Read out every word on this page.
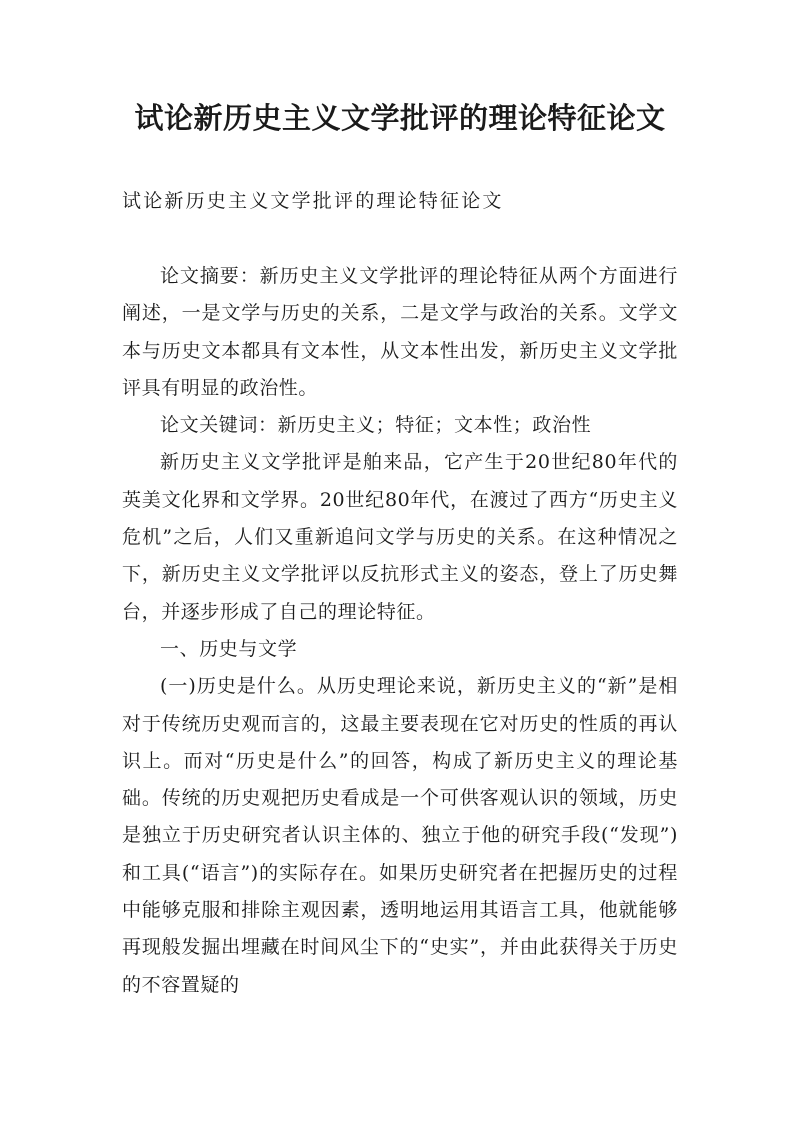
试论新历史主义文学批评的理论特征论文

试论新历史主义文学批评的理论特征论文

论文摘要：新历史主义文学批评的理论特征从两个方面进行阐述，一是文学与历史的关系，二是文学与政治的关系。文学文本与历史文本都具有文本性，从文本性出发，新历史主义文学批评具有明显的政治性。

论文关键词：新历史主义；特征；文本性；政治性

新历史主义文学批评是舶来品，它产生于20世纪80年代的英美文化界和文学界。20世纪80年代，在渡过了西方“历史主义危机”之后，人们又重新追问文学与历史的关系。在这种情况之下，新历史主义文学批评以反抗形式主义的姿态，登上了历史舞台，并逐步形成了自己的理论特征。

一、历史与文学

(一)历史是什么。从历史理论来说，新历史主义的“新”是相对于传统历史观而言的，这最主要表现在它对历史的性质的再认识上。而对“历史是什么”的回答，构成了新历史主义的理论基础。传统的历史观把历史看成是一个可供客观认识的领域，历史是独立于历史研究者认识主体的、独立于他的研究手段(“发现”)和工具(“语言”)的实际存在。如果历史研究者在把握历史的过程中能够克服和排除主观因素，透明地运用其语言工具，他就能够再现般发掘出埋藏在时间风尘下的“史实”，并由此获得关于历史的不容置疑的
